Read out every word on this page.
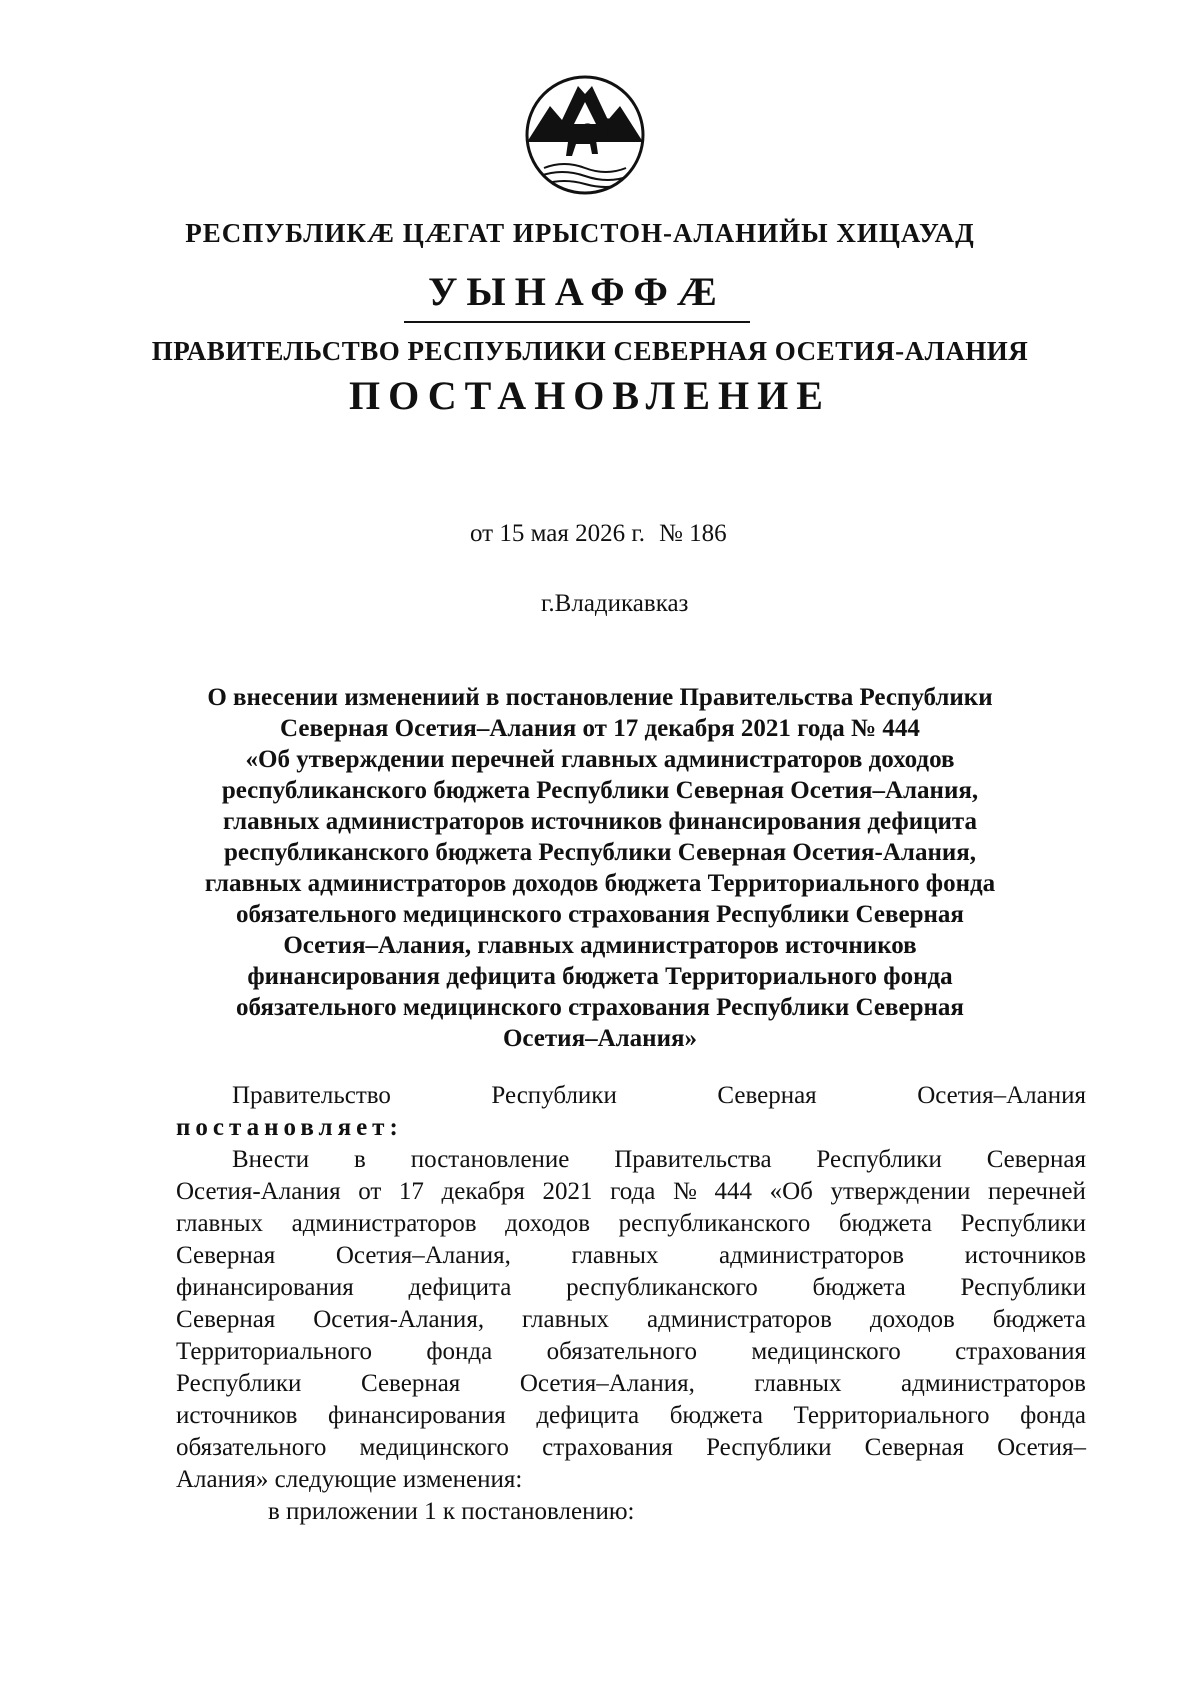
РЕСПУБЛИКÆ ЦÆГАТ ИРЫСТОН-АЛАНИЙЫ ХИЦАУАД
УЫНАФФÆ
ПРАВИТЕЛЬСТВО РЕСПУБЛИКИ СЕВЕРНАЯ ОСЕТИЯ-АЛАНИЯ
ПОСТАНОВЛЕНИЕ
от 15 мая 2026 г. № 186
г.Владикавказ
О внесении изменениий в постановление Правительства Республики
Северная Осетия–Алания от 17 декабря 2021 года № 444
«Об утверждении перечней главных администраторов доходов
республиканского бюджета Республики Северная Осетия–Алания,
главных администраторов источников финансирования дефицита
республиканского бюджета Республики Северная Осетия-Алания,
главных администраторов доходов бюджета Территориального фонда
обязательного медицинского страхования Республики Северная
Осетия–Алания, главных администраторов источников
финансирования дефицита бюджета Территориального фонда
обязательного медицинского страхования Республики Северная
Осетия–Алания»
Правительство	Республики	Северная	Осетия–Алания
постановляет:
Внести в постановление Правительства Республики Северная
Осетия-Алания от 17 декабря 2021 года № 444 «Об утверждении перечней
главных администраторов доходов республиканского бюджета Республики
Северная Осетия–Алания, главных администраторов источников
финансирования дефицита республиканского бюджета Республики
Северная Осетия-Алания, главных администраторов доходов бюджета
Территориального фонда обязательного медицинского страхования
Республики Северная Осетия–Алания, главных администраторов
источников финансирования дефицита бюджета Территориального фонда
обязательного медицинского страхования Республики Северная Осетия–
Алания» следующие изменения:
в приложении 1 к постановлению:
